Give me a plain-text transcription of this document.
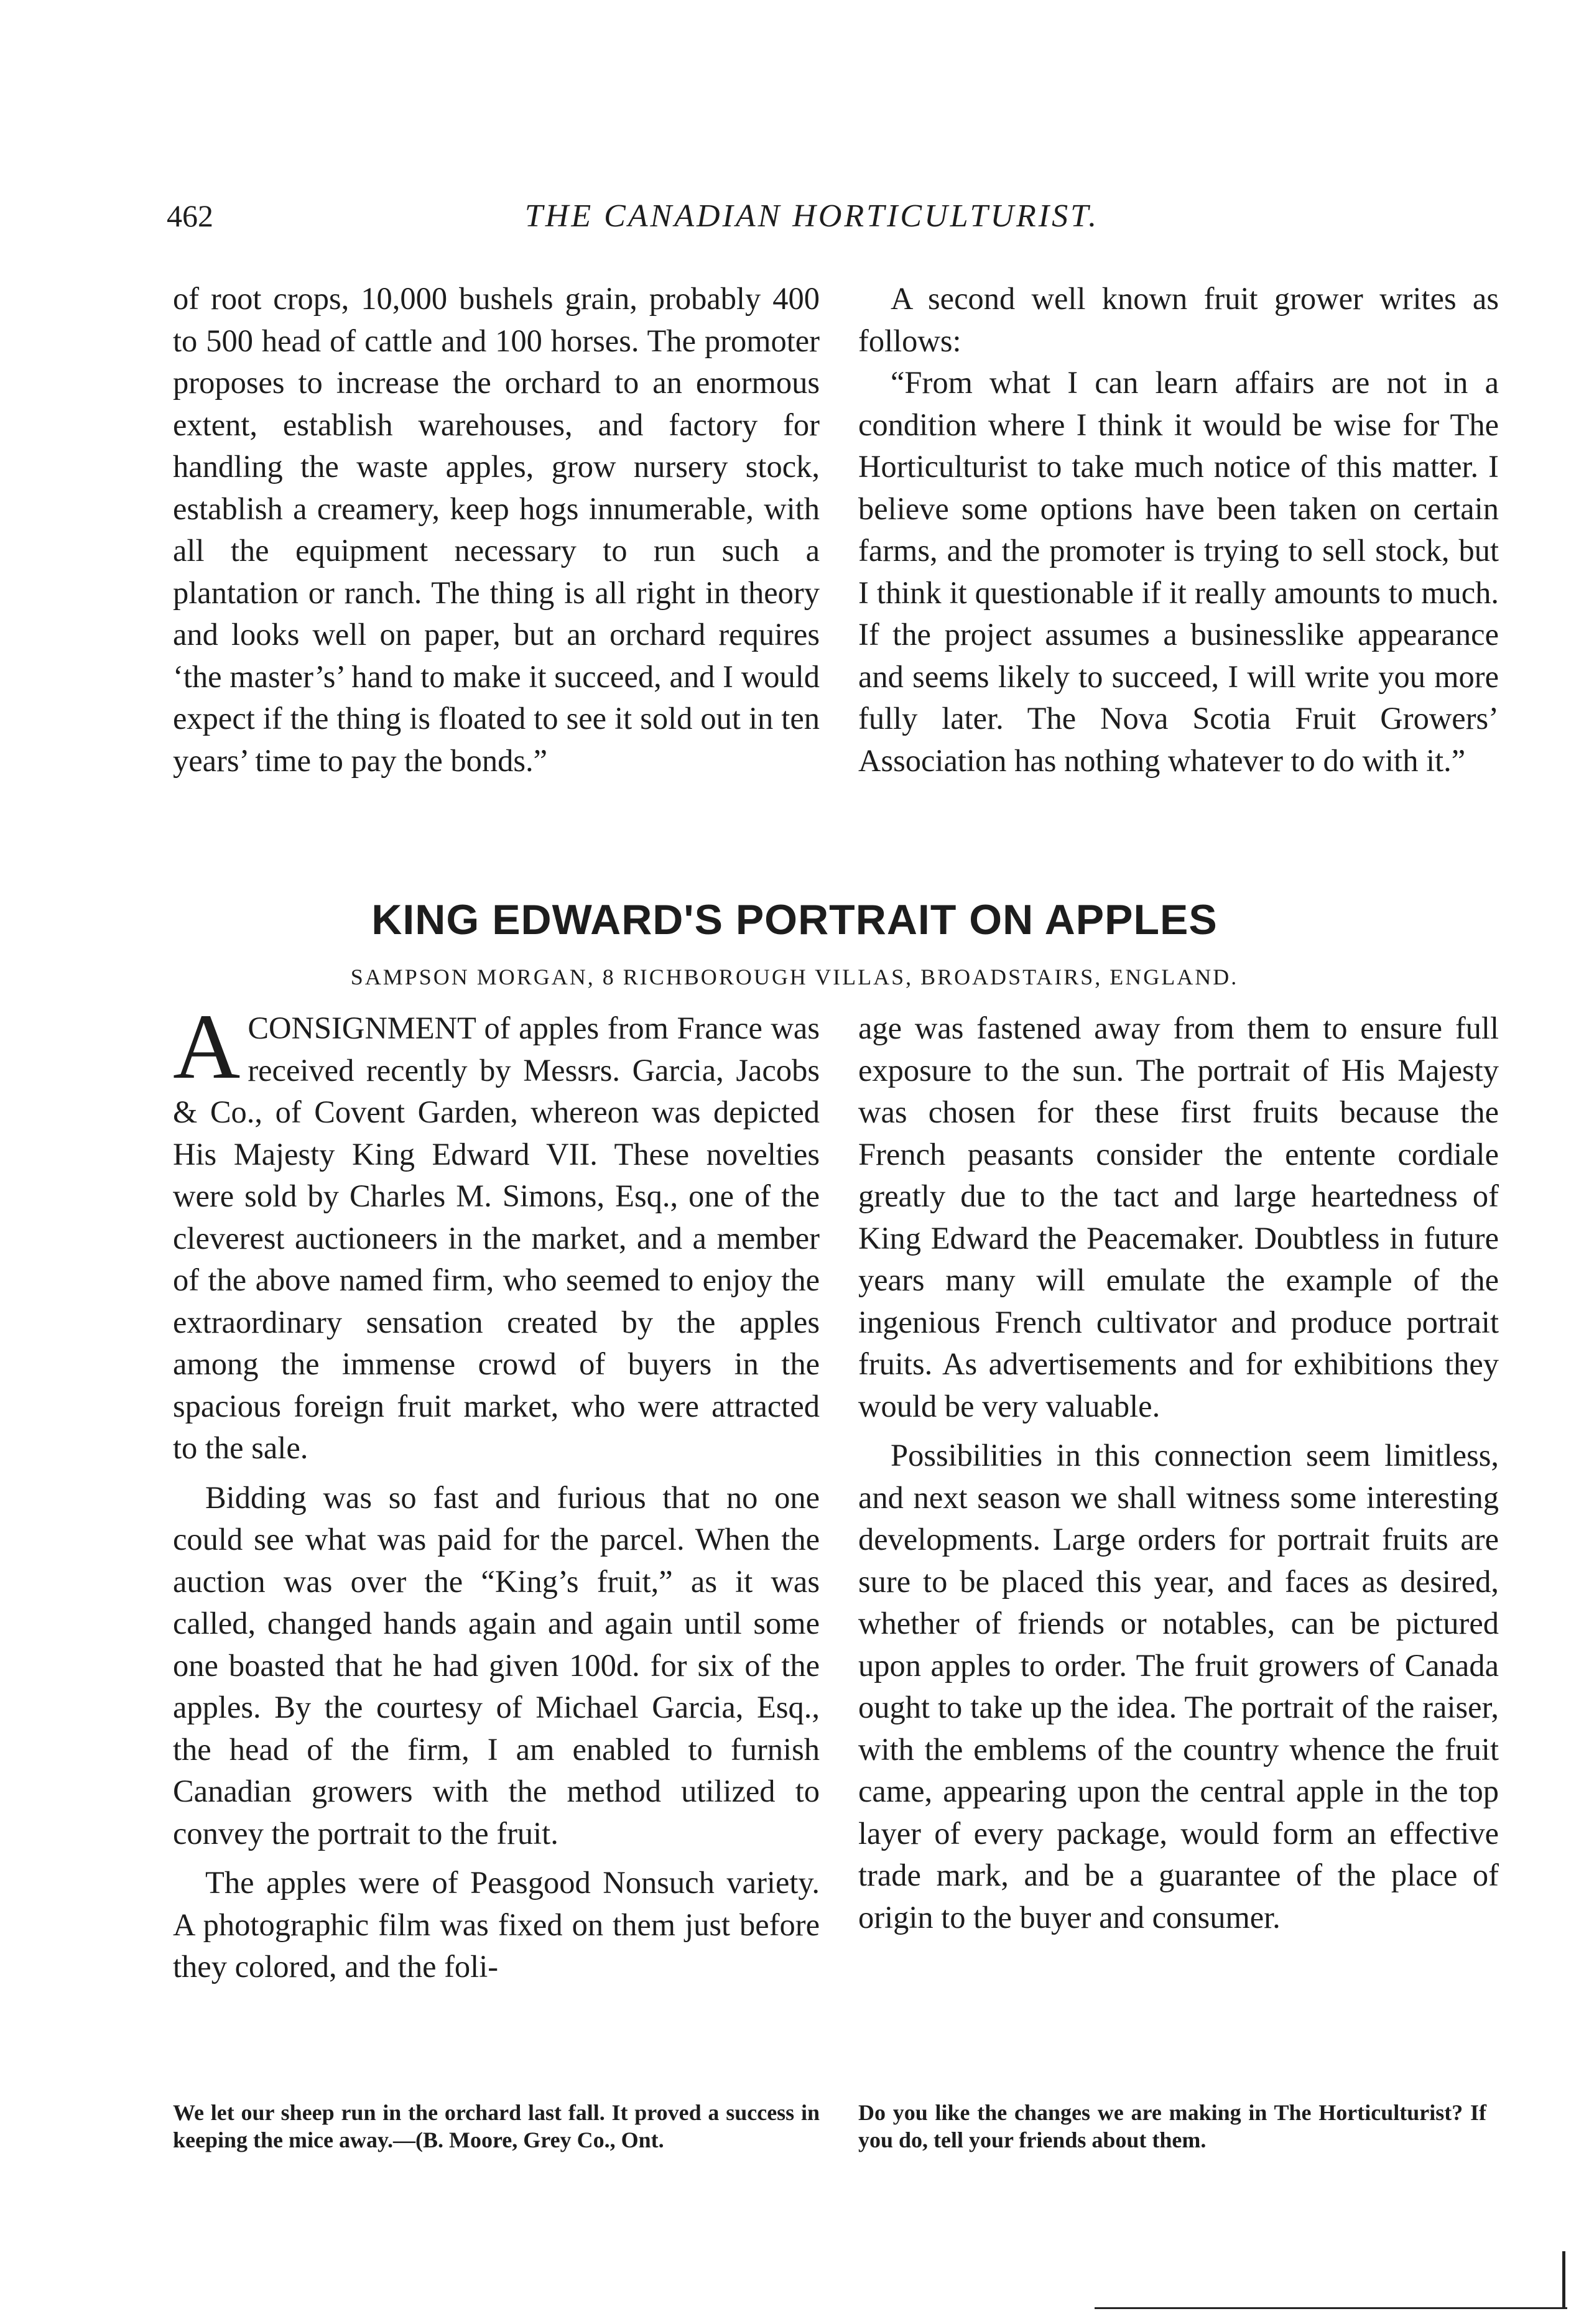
462	THE CANADIAN HORTICULTURIST.

of root crops, 10,000 bushels grain, probably 400 to 500 head of cattle and 100 horses. The promoter proposes to increase the orchard to an enormous extent, establish warehouses, and factory for handling the waste apples, grow nursery stock, establish a creamery, keep hogs innumerable, with all the equipment necessary to run such a plantation or ranch. The thing is all right in theory and looks well on paper, but an orchard requires ‘the master’s’ hand to make it succeed, and I would expect if the thing is floated to see it sold out in ten years’ time to pay the bonds.”

A second well known fruit grower writes as follows:

“From what I can learn affairs are not in a condition where I think it would be wise for The Horticulturist to take much notice of this matter. I believe some options have been taken on certain farms, and the promoter is trying to sell stock, but I think it questionable if it really amounts to much. If the project assumes a businesslike appearance and seems likely to succeed, I will write you more fully later. The Nova Scotia Fruit Growers’ Association has nothing whatever to do with it.”

KING EDWARD'S PORTRAIT ON APPLES
SAMPSON MORGAN, 8 RICHBOROUGH VILLAS, BROADSTAIRS, ENGLAND.

ACONSIGNMENT of apples from France was received recently by Messrs. Garcia, Jacobs & Co., of Covent Garden, whereon was depicted His Majesty King Edward VII. These novelties were sold by Charles M. Simons, Esq., one of the cleverest auctioneers in the market, and a member of the above named firm, who seemed to enjoy the extraordinary sensation created by the apples among the immense crowd of buyers in the spacious foreign fruit market, who were attracted to the sale.

Bidding was so fast and furious that no one could see what was paid for the parcel. When the auction was over the “King’s fruit,” as it was called, changed hands again and again until some one boasted that he had given 100d. for six of the apples. By the courtesy of Michael Garcia, Esq., the head of the firm, I am enabled to furnish Canadian growers with the method utilized to convey the portrait to the fruit.

The apples were of Peasgood Nonsuch variety. A photographic film was fixed on them just before they colored, and the foli-

age was fastened away from them to ensure full exposure to the sun. The portrait of His Majesty was chosen for these first fruits because the French peasants consider the entente cordiale greatly due to the tact and large heartedness of King Edward the Peacemaker. Doubtless in future years many will emulate the example of the ingenious French cultivator and produce portrait fruits. As advertisements and for exhibitions they would be very valuable.

Possibilities in this connection seem limitless, and next season we shall witness some interesting developments. Large orders for portrait fruits are sure to be placed this year, and faces as desired, whether of friends or notables, can be pictured upon apples to order. The fruit growers of Canada ought to take up the idea. The portrait of the raiser, with the emblems of the country whence the fruit came, appearing upon the central apple in the top layer of every package, would form an effective trade mark, and be a guarantee of the place of origin to the buyer and consumer.

We let our sheep run in the orchard last fall. It proved a success in keeping the mice away.—(B. Moore, Grey Co., Ont.
Do you like the changes we are making in The Horticulturist? If you do, tell your friends about them.
